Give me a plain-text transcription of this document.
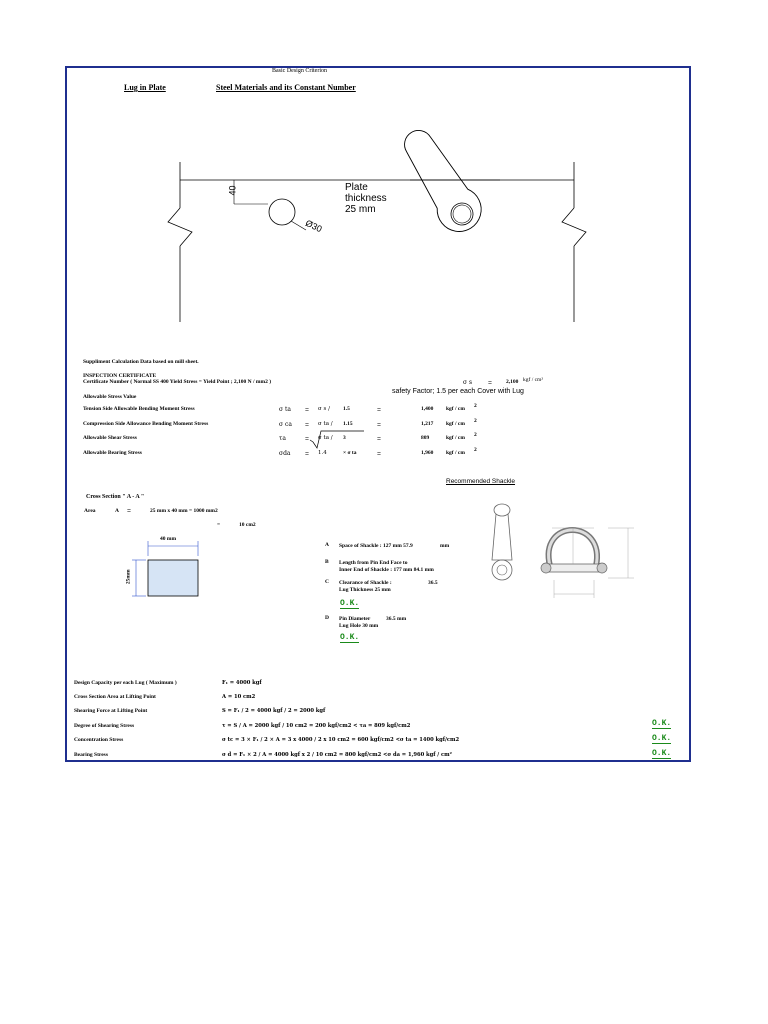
Basic Design Criterion
Lug in Plate	Steel Materials and its Constant Number
40
Ø30
Plate
thickness
25 mm
Suppliment Calculation Data based on mill sheet.
INSPECTION CERTIFICATE
Certificate Number ( Normal SS 400 Yield Stress = Yield Point ; 2,100 N / mm2 )	σ s =	2,100 kgf / cm²
safety Factor; 1.5 per each Cover with Lug
Allowable Stress Value
Tension Side Allowable Bending Moment Stress	σ ta = σ s / 1.5	=	1,400 kgf / cm 2
Compression Side Allowance Bending Moment Stress	σ ca = σ ta / 1.15	=	1,217 kgf / cm 2
Allowable Shear Stress	τa	= σ ta / 3	=	809	kgf / cm 2
Allowable Bearing Stress	σda = 1.4	× σ ta	=	1,960 kgf / cm 2
Recommended Shackle
A Space of Shackle : 127 mm 57.9	mm
B Length from Pin End Face to
Inner End of Shackle : 177 mm 84.1 mm
C Clearance of Shackle :	36.5
Lug Thickness 25 mm
D Pin Diameter	36.5 mm
Lug Hole 30 mm
O.K.
O.K.
Cross Section " A - A "
Area	A =	25 mm x 40 mm = 1000 mm2
=	10 cm2
40 mm
25mm
Design Capacity per each Lug ( Maximum )	F₁ = 4000 kgf
Cross Section Area at Lifting Point	A = 10 cm2
Shearing Force at Lifting Point	S = F₁ / 2 = 4000 kgf / 2 = 2000 kgf
Degree of Shearing Stress	τ = S / A = 2000 kgf / 10 cm2 = 200 kgf/cm2 < τa = 809 kgf/cm2
Concentration Stress	σ tc = 3 × F₁ / 2 × A = 3 x 4000 / 2 x 10 cm2 = 600 kgf/cm2 <σ ta = 1400 kgf/cm2
Bearing Stress	σ d = F₁ × 2 / A = 4000 kgf x 2 / 10 cm2 = 800 kgf/cm2 <σ da = 1,960 kgf / cm²
O.K.
O.K.
O.K.
